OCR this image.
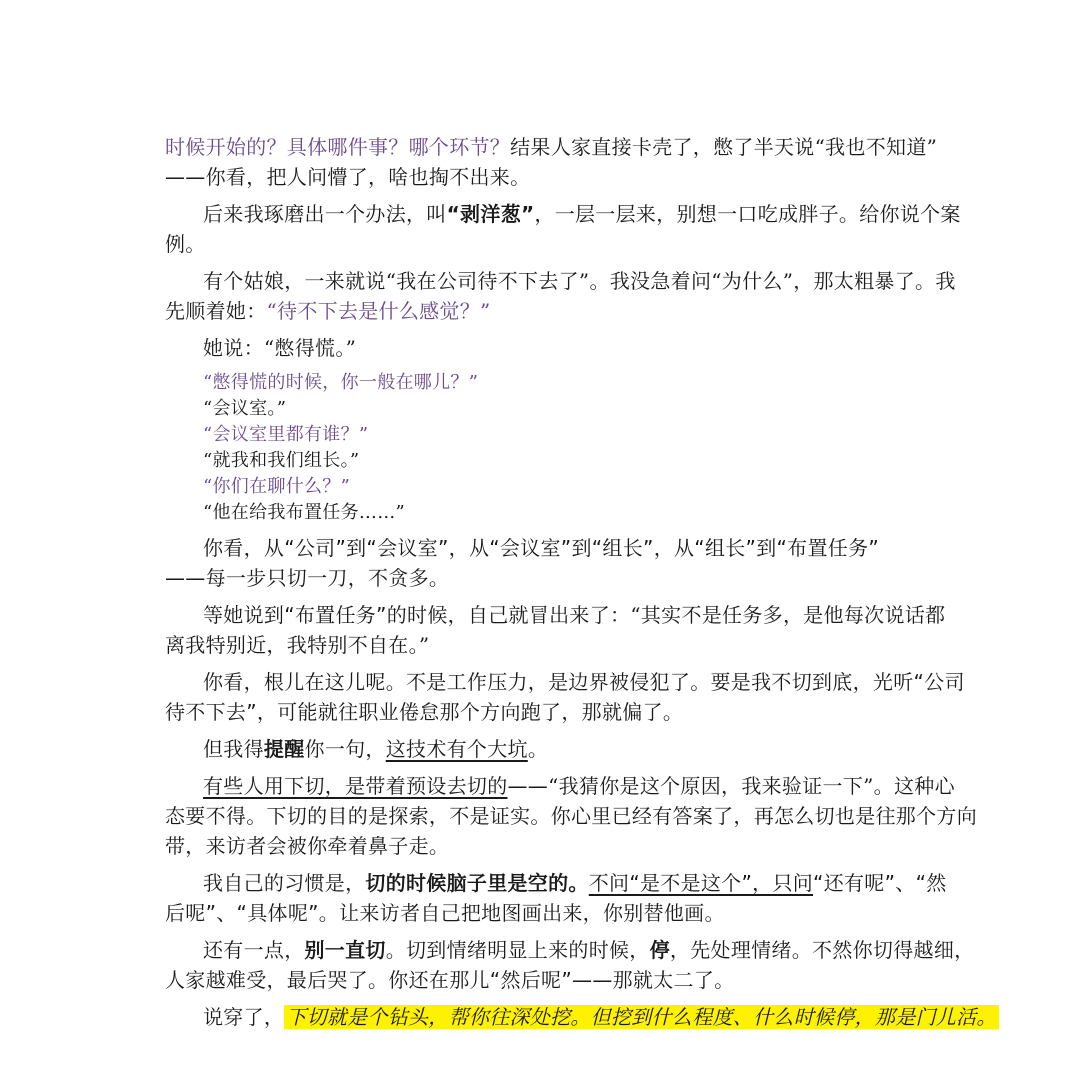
时候开始的？具体哪件事？哪个环节？结果人家直接卡壳了，憋了半天说“我也不知道”
——你看，把人问懵了，啥也掏不出来。
后来我琢磨出一个办法，叫“剥洋葱”，一层一层来，别想一口吃成胖子。给你说个案
例。
有个姑娘，一来就说“我在公司待不下去了”。我没急着问“为什么”，那太粗暴了。我
先顺着她：“待不下去是什么感觉？”
她说：“憋得慌。”
“憋得慌的时候，你一般在哪儿？”
“会议室。”
“会议室里都有谁？”
“就我和我们组长。”
“你们在聊什么？”
“他在给我布置任务……”
你看，从“公司”到“会议室”，从“会议室”到“组长”，从“组长”到“布置任务”
——每一步只切一刀，不贪多。
等她说到“布置任务”的时候，自己就冒出来了：“其实不是任务多，是他每次说话都
离我特别近，我特别不自在。”
你看，根儿在这儿呢。不是工作压力，是边界被侵犯了。要是我不切到底，光听“公司
待不下去”，可能就往职业倦怠那个方向跑了，那就偏了。
但我得提醒你一句，这技术有个大坑。
有些人用下切，是带着预设去切的——“我猜你是这个原因，我来验证一下”。这种心
态要不得。下切的目的是探索，不是证实。你心里已经有答案了，再怎么切也是往那个方向
带，来访者会被你牵着鼻子走。
我自己的习惯是，切的时候脑子里是空的。不问“是不是这个”，只问“还有呢”、“然
后呢”、“具体呢”。让来访者自己把地图画出来，你别替他画。
还有一点，别一直切。切到情绪明显上来的时候，停，先处理情绪。不然你切得越细，
人家越难受，最后哭了。你还在那儿“然后呢”——那就太二了。
说穿了， 下切就是个钻头，帮你往深处挖。但挖到什么程度、什么时候停，那是门儿活。
